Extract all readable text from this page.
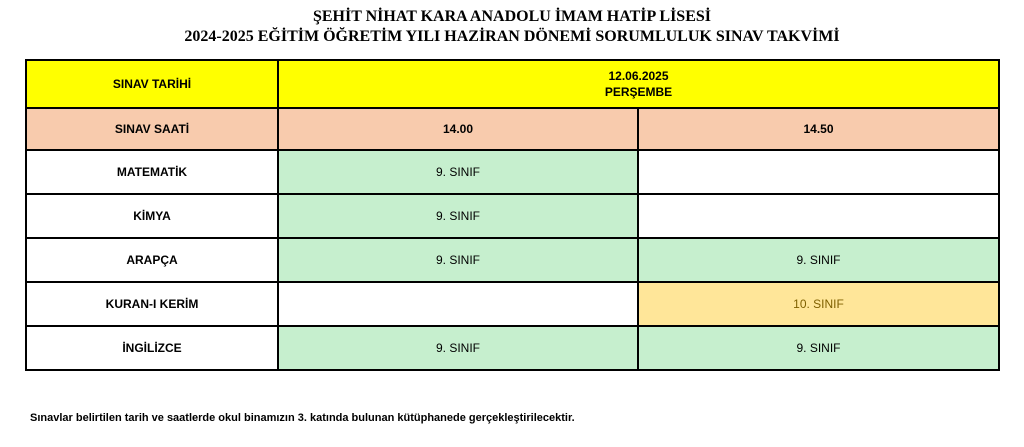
ŞEHİT NİHAT KARA ANADOLU İMAM HATİP LİSESİ
2024-2025 EĞİTİM ÖĞRETİM YILI HAZİRAN DÖNEMİ SORUMLULUK SINAV TAKVİMİ
SINAV TARİHİ	12.06.2025
PERŞEMBE	

SINAV SAATİ	14.00	14.50
MATEMATİK	9. SINIF	
KİMYA	9. SINIF	
ARAPÇA	9. SINIF	9. SINIF
KURAN-I KERİM		10. SINIF
İNGİLİZCE	9. SINIF	9. SINIF
Sınavlar belirtilen tarih ve saatlerde okul binamızın 3. katında bulunan kütüphanede gerçekleştirilecektir.
